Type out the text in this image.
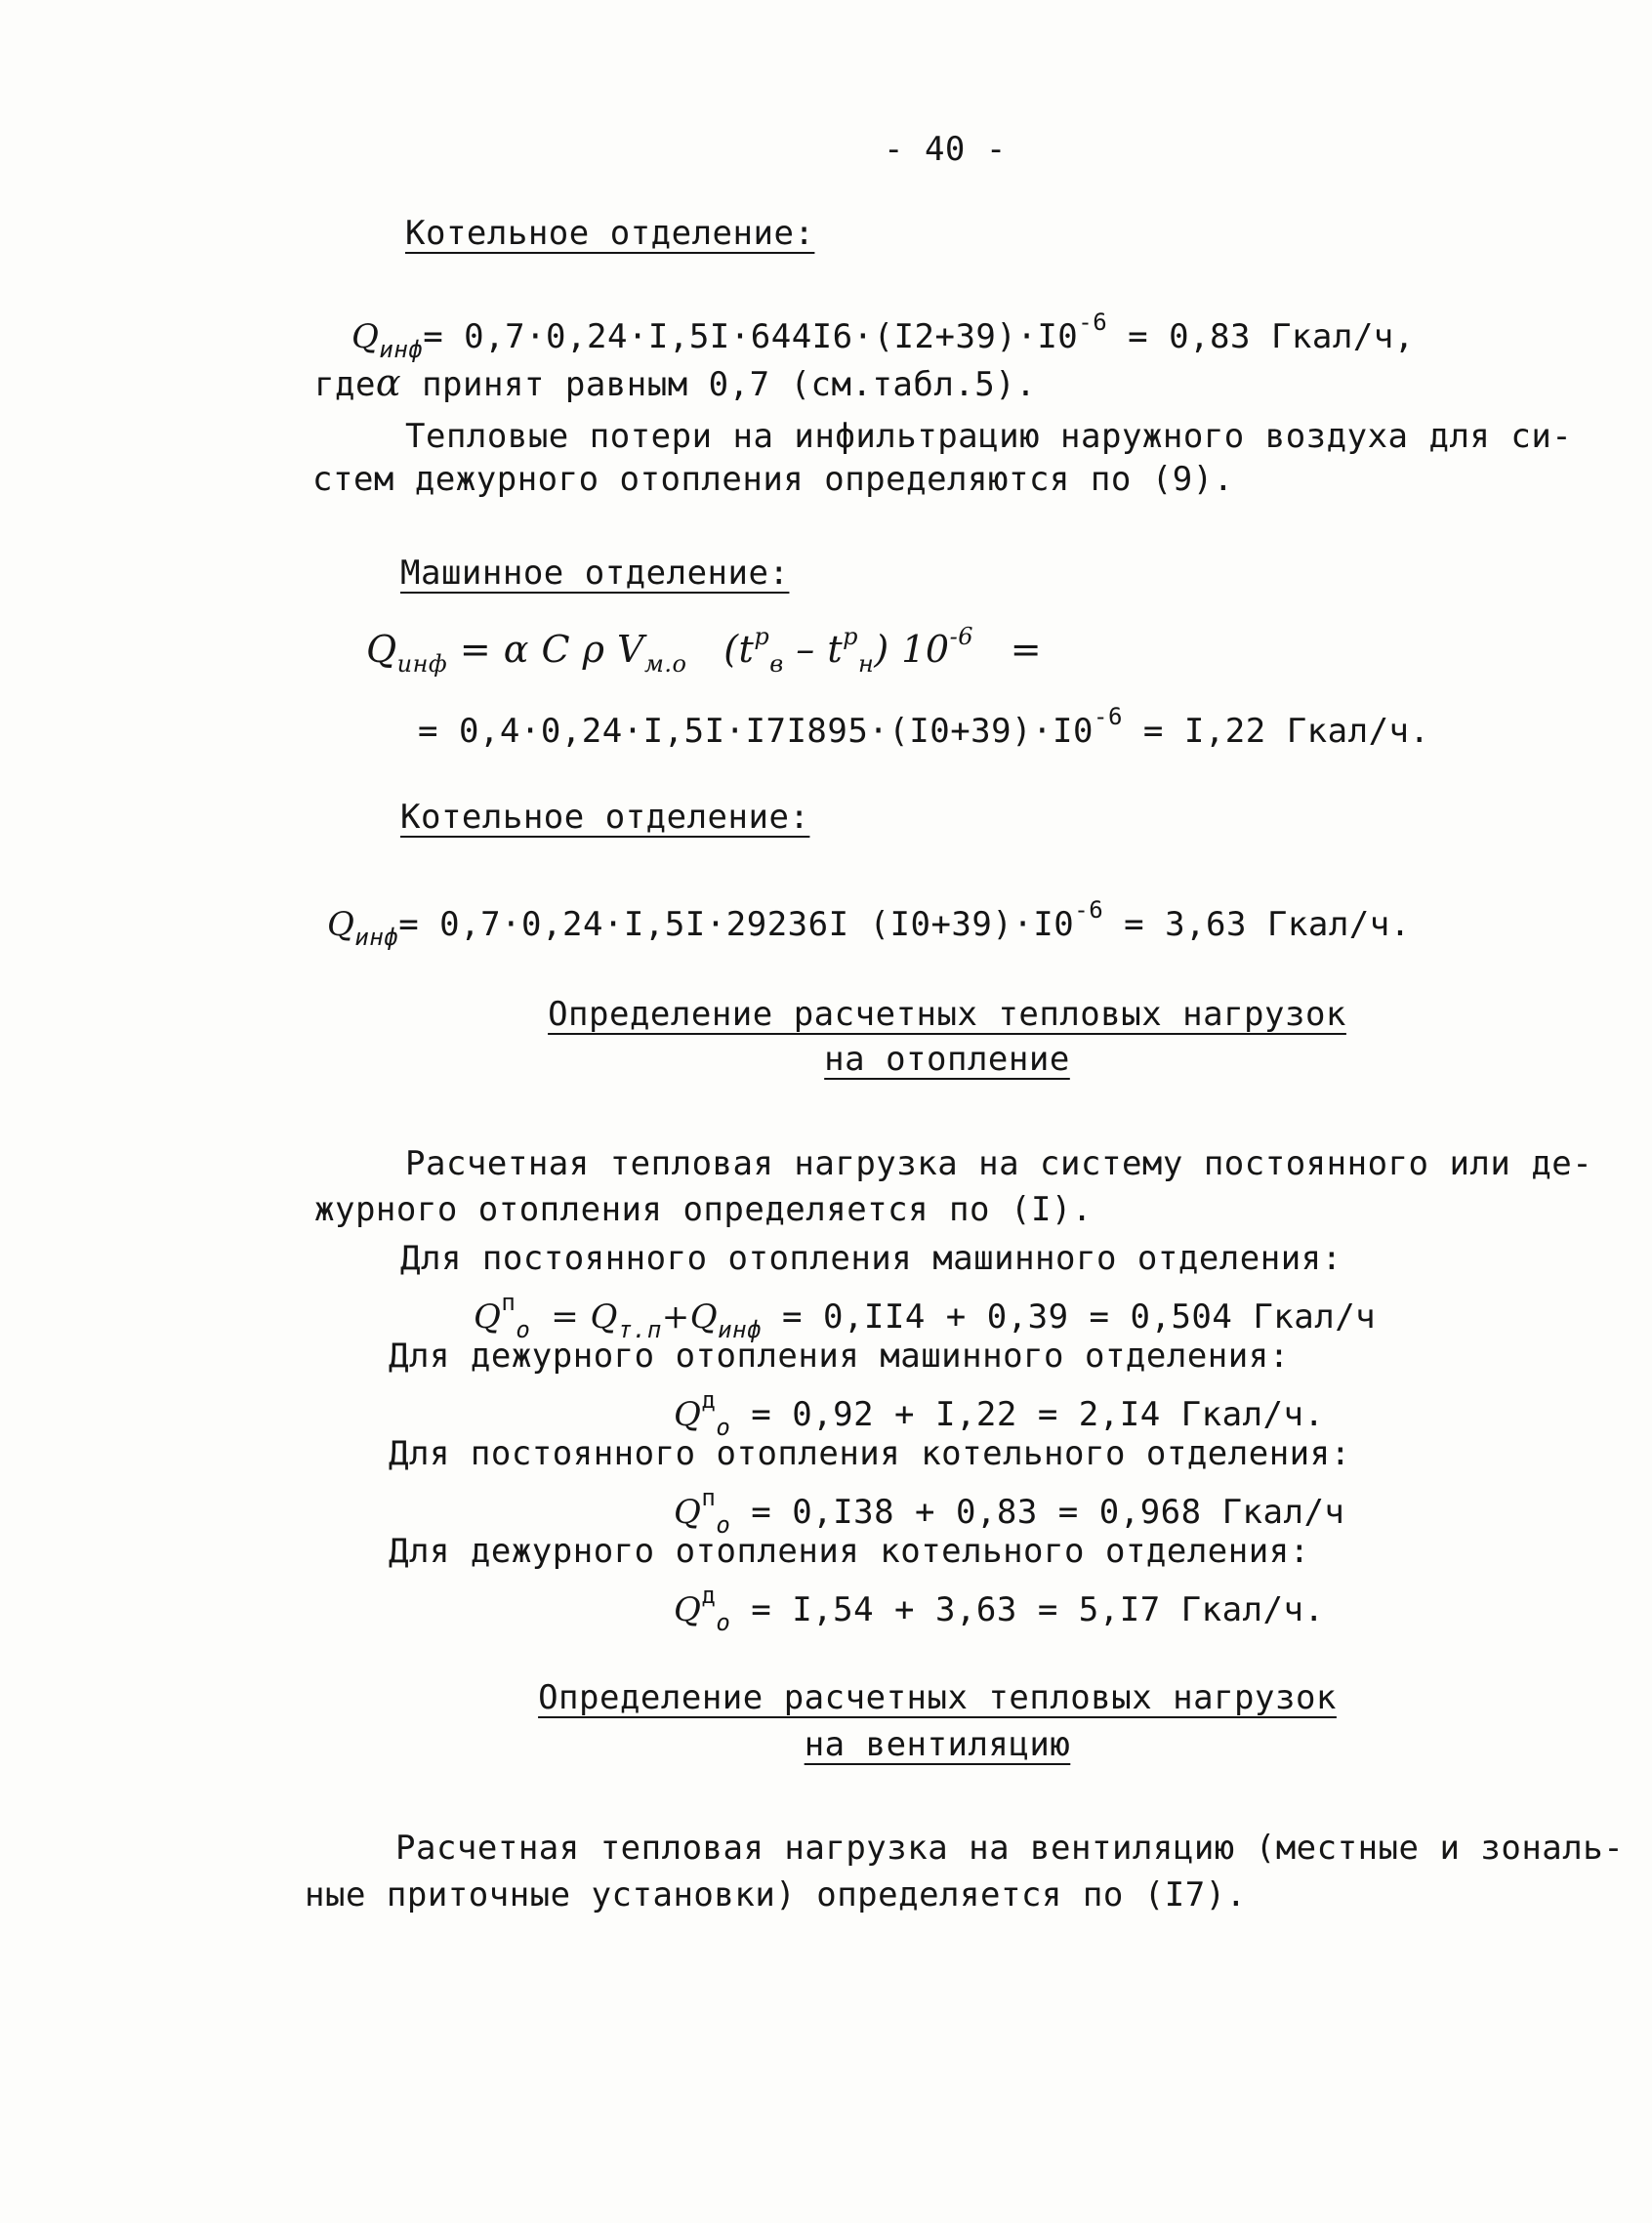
- 40 -
Котельное отделение:
$Q_{инф}= 0,7\cdot 0,24\cdot I,5I\cdot 644I6\cdot(I2+39)\cdot I0^{-6} = 0,83$ Гкал/ч,
гдеα принят равным 0,7 (см.табл.5).
Тепловые потери на инфильтрацию наружного воздуха для си-
стем дежурного отопления определяются по (9).
Машинное отделение:
$Q_{инф} = \alpha$ C ρ $V_{м.о}$ $(t^р_в - t^р_н) 10^{-6}$ =
= $0,4\cdot 0,24\cdot I,5I\cdot I7I895\cdot(I0+39)\cdot I0^{-6} = I,22$ Гкал/ч.
Котельное отделение:
$Q_{инф}= 0,7\cdot 0,24\cdot I,5I\cdot 29236I$ $(I0+39)\cdot I0^{-6} = 3,63$ Гкал/ч.
Определение расчетных тепловых нагрузок
на отопление
Расчетная тепловая нагрузка на систему постоянного или де-
журного отопления определяется по (I).
Для постоянного отопления машинного отделения:
$Q^п_о = Q_{т.п}+Q_{инф} = 0,II4 + 0,39 = 0,504$ Гкал/ч
Для дежурного отопления машинного отделения:
$Q^д_о = 0,92 + I,22 = 2,I4$ Гкал/ч.
Для постоянного отопления котельного отделения:
$Q^п_о = 0,I38 + 0,83 = 0,968$ Гкал/ч
Для дежурного отопления котельного отделения:
$Q^д_о = I,54 + 3,63 = 5,I7$ Гкал/ч.
Определение расчетных тепловых нагрузок
на вентиляцию
Расчетная тепловая нагрузка на вентиляцию (местные и зональ-
ные приточные установки) определяется по (I7).
